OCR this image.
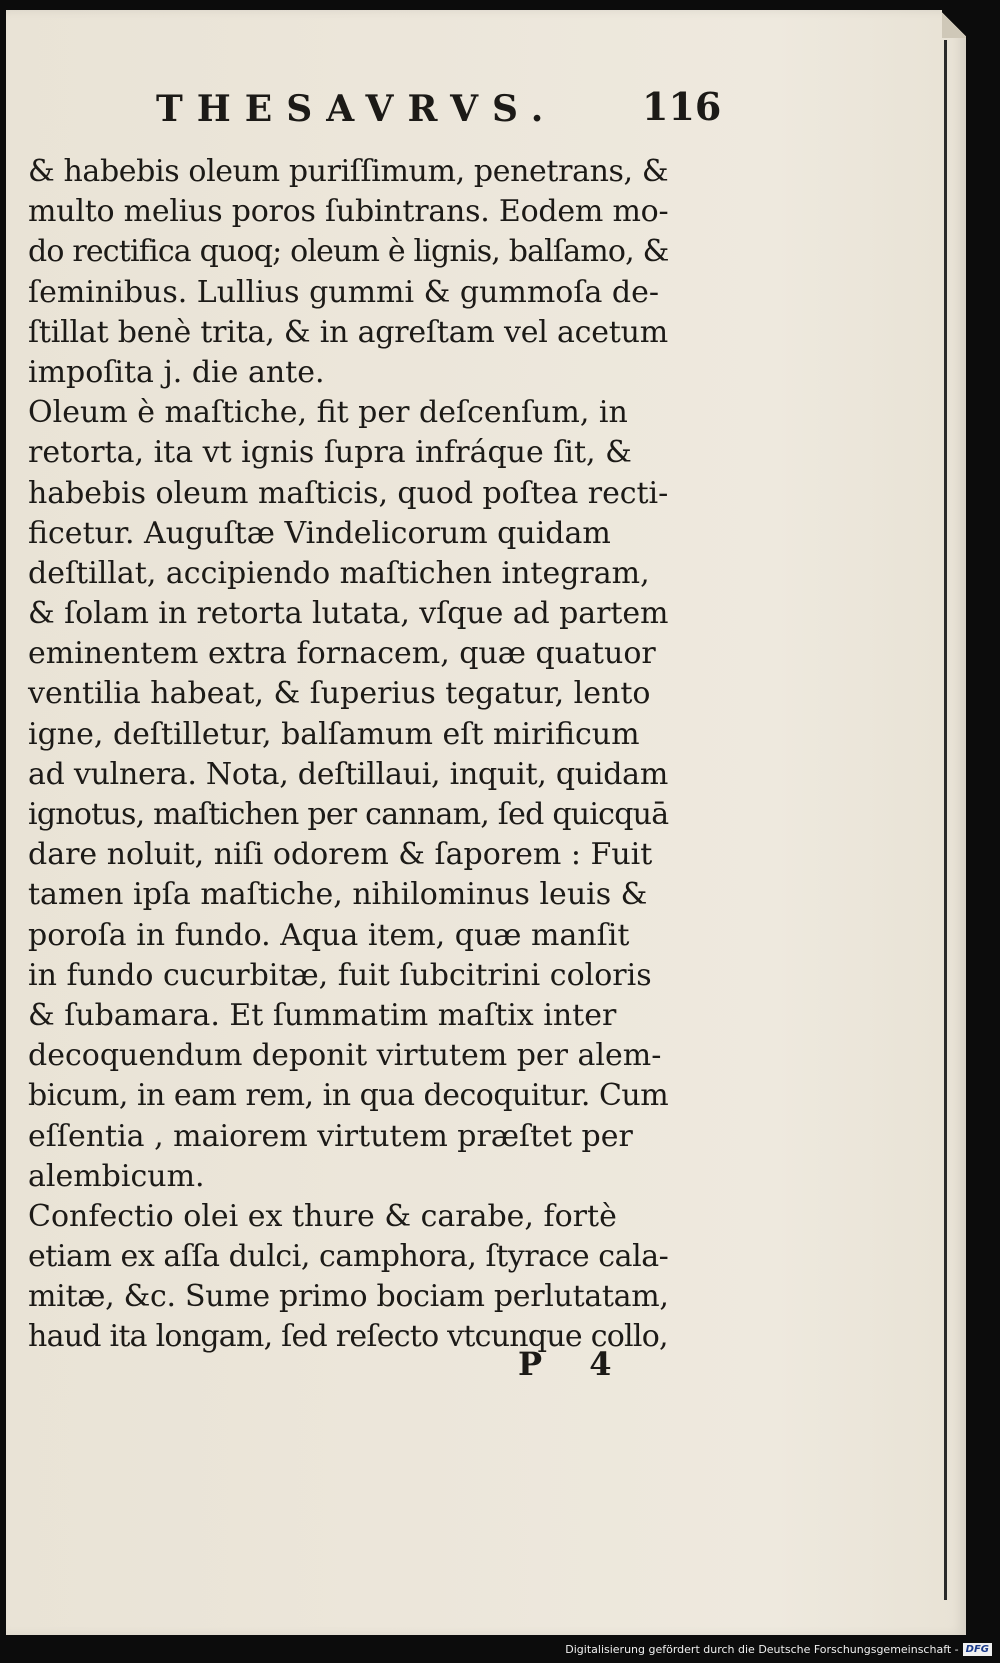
THESAVRVS. 116
& habebis oleum puriſſimum, penetrans, &
multo melius poros ſubintrans. Eodem mo-
do rectifica quoq; oleum è lignis, balſamo, &
ſeminibus. Lullius gummi & gummoſa de-
ſtillat benè trita, & in agreſtam vel acetum
impoſita j. die ante.
Oleum è maſtiche, fit per deſcenſum, in
retorta, ita vt ignis ſupra infráque ſit, &
habebis oleum maſticis, quod poſtea recti-
ficetur. Auguſtæ Vindelicorum quidam
deſtillat, accipiendo maſtichen integram,
& ſolam in retorta lutata, vſque ad partem
eminentem extra fornacem, quæ quatuor
ventilia habeat, & ſuperius tegatur, lento
igne, deſtilletur, balſamum eſt mirificum
ad vulnera. Nota, deſtillaui, inquit, quidam
ignotus, maſtichen per cannam, ſed quicquā
dare noluit, niſi odorem & ſaporem : Fuit
tamen ipſa maſtiche, nihilominus leuis &
poroſa in fundo. Aqua item, quæ manſit
in fundo cucurbitæ, fuit ſubcitrini coloris
& ſubamara. Et ſummatim maſtix inter
decoquendum deponit virtutem per alem-
bicum, in eam rem, in qua decoquitur. Cum
eſſentia , maiorem virtutem præſtet per
alembicum.
Confectio olei ex thure & carabe, fortè
etiam ex aſſa dulci, camphora, ſtyrace cala-
mitæ, &c. Sume primo bociam perlutatam,
haud ita longam, ſed reſecto vtcunque collo,
P 4
Digitalisierung gefördert durch die Deutsche Forschungsgemeinschaft - DFG
